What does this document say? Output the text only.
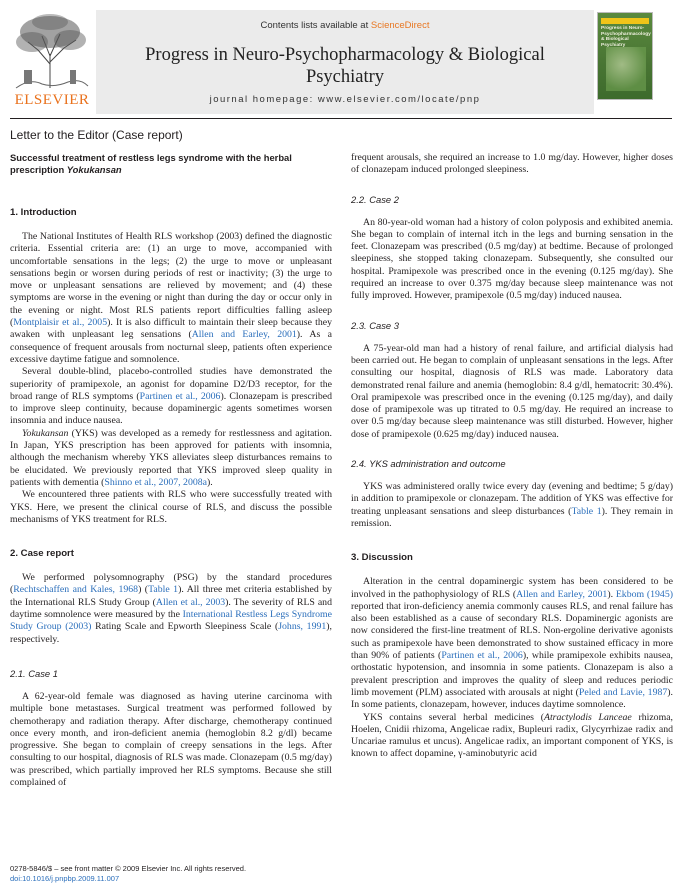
ELSEVIER
Contents lists available at ScienceDirect
Progress in Neuro-Psychopharmacology & Biological Psychiatry
journal homepage: www.elsevier.com/locate/pnp
Progress in Neuro-Psychopharmacology & Biological Psychiatry
Letter to the Editor (Case report)
Successful treatment of restless legs syndrome with the herbal prescription Yokukansan
1. Introduction

The National Institutes of Health RLS workshop (2003) defined the diagnostic criteria. Essential criteria are: (1) an urge to move, accompanied with uncomfortable sensations in the legs; (2) the urge to move or unpleasant sensations begin or worsen during periods of rest or inactivity; (3) the urge to move or unpleasant sensations are relieved by movement; and (4) these symptoms are worse in the evening or night than during the day or occur only in the evening or night. Most RLS patients report difficulties falling asleep (Montplaisir et al., 2005). It is also difficult to maintain their sleep because they awaken with unpleasant leg sensations (Allen and Earley, 2001). As a consequence of frequent arousals from nocturnal sleep, patients often experience excessive daytime fatigue and somnolence.

Several double-blind, placebo-controlled studies have demonstrated the superiority of pramipexole, an agonist for dopamine D2/D3 receptor, for the broad range of RLS symptoms (Partinen et al., 2006). Clonazepam is prescribed to improve sleep continuity, because dopaminergic agents sometimes worsen insomnia and induce nausea.

Yokukansan (YKS) was developed as a remedy for restlessness and agitation. In Japan, YKS prescription has been approved for patients with insomnia, although the mechanism whereby YKS alleviates sleep disturbances remains to be elucidated. We previously reported that YKS improved sleep quality in patients with dementia (Shinno et al., 2007, 2008a).

We encountered three patients with RLS who were successfully treated with YKS. Here, we present the clinical course of RLS, and discuss the possible mechanisms of YKS treatment for RLS.

2. Case report

We performed polysomnography (PSG) by the standard procedures (Rechtschaffen and Kales, 1968) (Table 1). All three met criteria established by the International RLS Study Group (Allen et al., 2003). The severity of RLS and daytime somnolence were measured by the International Restless Legs Syndrome Study Group (2003) Rating Scale and Epworth Sleepiness Scale (Johns, 1991), respectively.

2.1. Case 1

A 62-year-old female was diagnosed as having uterine carcinoma with multiple bone metastases. Surgical treatment was performed followed by chemotherapy and radiation therapy. After discharge, chemotherapy continued once every month, and iron-deficient anemia (hemoglobin 8.2 g/dl) became progressive. She began to complain of creepy sensations in the legs. After consulting to our hospital, diagnosis of RLS was made. Clonazepam (0.5 mg/day) was prescribed, which partially improved her RLS symptoms. Because she still complained of

frequent arousals, she required an increase to 1.0 mg/day. However, higher doses of clonazepam induced prolonged sleepiness.

2.2. Case 2

An 80-year-old woman had a history of colon polyposis and exhibited anemia. She began to complain of internal itch in the legs and burning sensation in the feet. Clonazepam was prescribed (0.5 mg/day) at bedtime. Because of prolonged sleepiness, she stopped taking clonazepam. Subsequently, she consulted our hospital. Pramipexole was prescribed once in the evening (0.125 mg/day). She required an increase to over 0.375 mg/day because sleep maintenance was not fully improved. However, pramipexole (0.5 mg/day) induced nausea.

2.3. Case 3

A 75-year-old man had a history of renal failure, and artificial dialysis had been carried out. He began to complain of unpleasant sensations in the legs. After consulting our hospital, diagnosis of RLS was made. Laboratory data demonstrated renal failure and anemia (hemoglobin: 8.4 g/dl, hematocrit: 30.4%). Oral pramipexole was prescribed once in the evening (0.125 mg/day), and daily dose of pramipexole was up titrated to 0.5 mg/day. He required an increase to over 0.5 mg/day because sleep maintenance was still disturbed. However, higher dose of pramipexole (0.625 mg/day) induced nausea.

2.4. YKS administration and outcome

YKS was administered orally twice every day (evening and bedtime; 5 g/day) in addition to pramipexole or clonazepam. The addition of YKS was effective for treating unpleasant sensations and sleep disturbances (Table 1). They remain in remission.

3. Discussion

Alteration in the central dopaminergic system has been considered to be involved in the pathophysiology of RLS (Allen and Earley, 2001). Ekbom (1945) reported that iron-deficiency anemia commonly causes RLS, and renal failure has also been established as a cause of secondary RLS. Dopaminergic agonists are now considered the first-line treatment of RLS. Non-ergoline derivative agonists such as pramipexole have been demonstrated to show sustained efficacy in more than 90% of patients (Partinen et al., 2006), while pramipexole exhibits nausea, orthostatic hypotension, and insomnia in some patients. Clonazepam is also a prevalent prescription and improves the quality of sleep and reduces periodic limb movement (PLM) associated with arousals at night (Peled and Lavie, 1987). In some patients, clonazepam, however, induces daytime somnolence.

YKS contains several herbal medicines (Atractylodis Lanceae rhizoma, Hoelen, Cnidii rhizoma, Angelicae radix, Bupleuri radix, Glycyrrhizae radix and Uncariae ramulus et uncus). Angelicae radix, an important component of YKS, is known to affect dopamine, γ-aminobutyric acid

0278-5846/$ – see front matter © 2009 Elsevier Inc. All rights reserved.
doi:10.1016/j.pnpbp.2009.11.007
